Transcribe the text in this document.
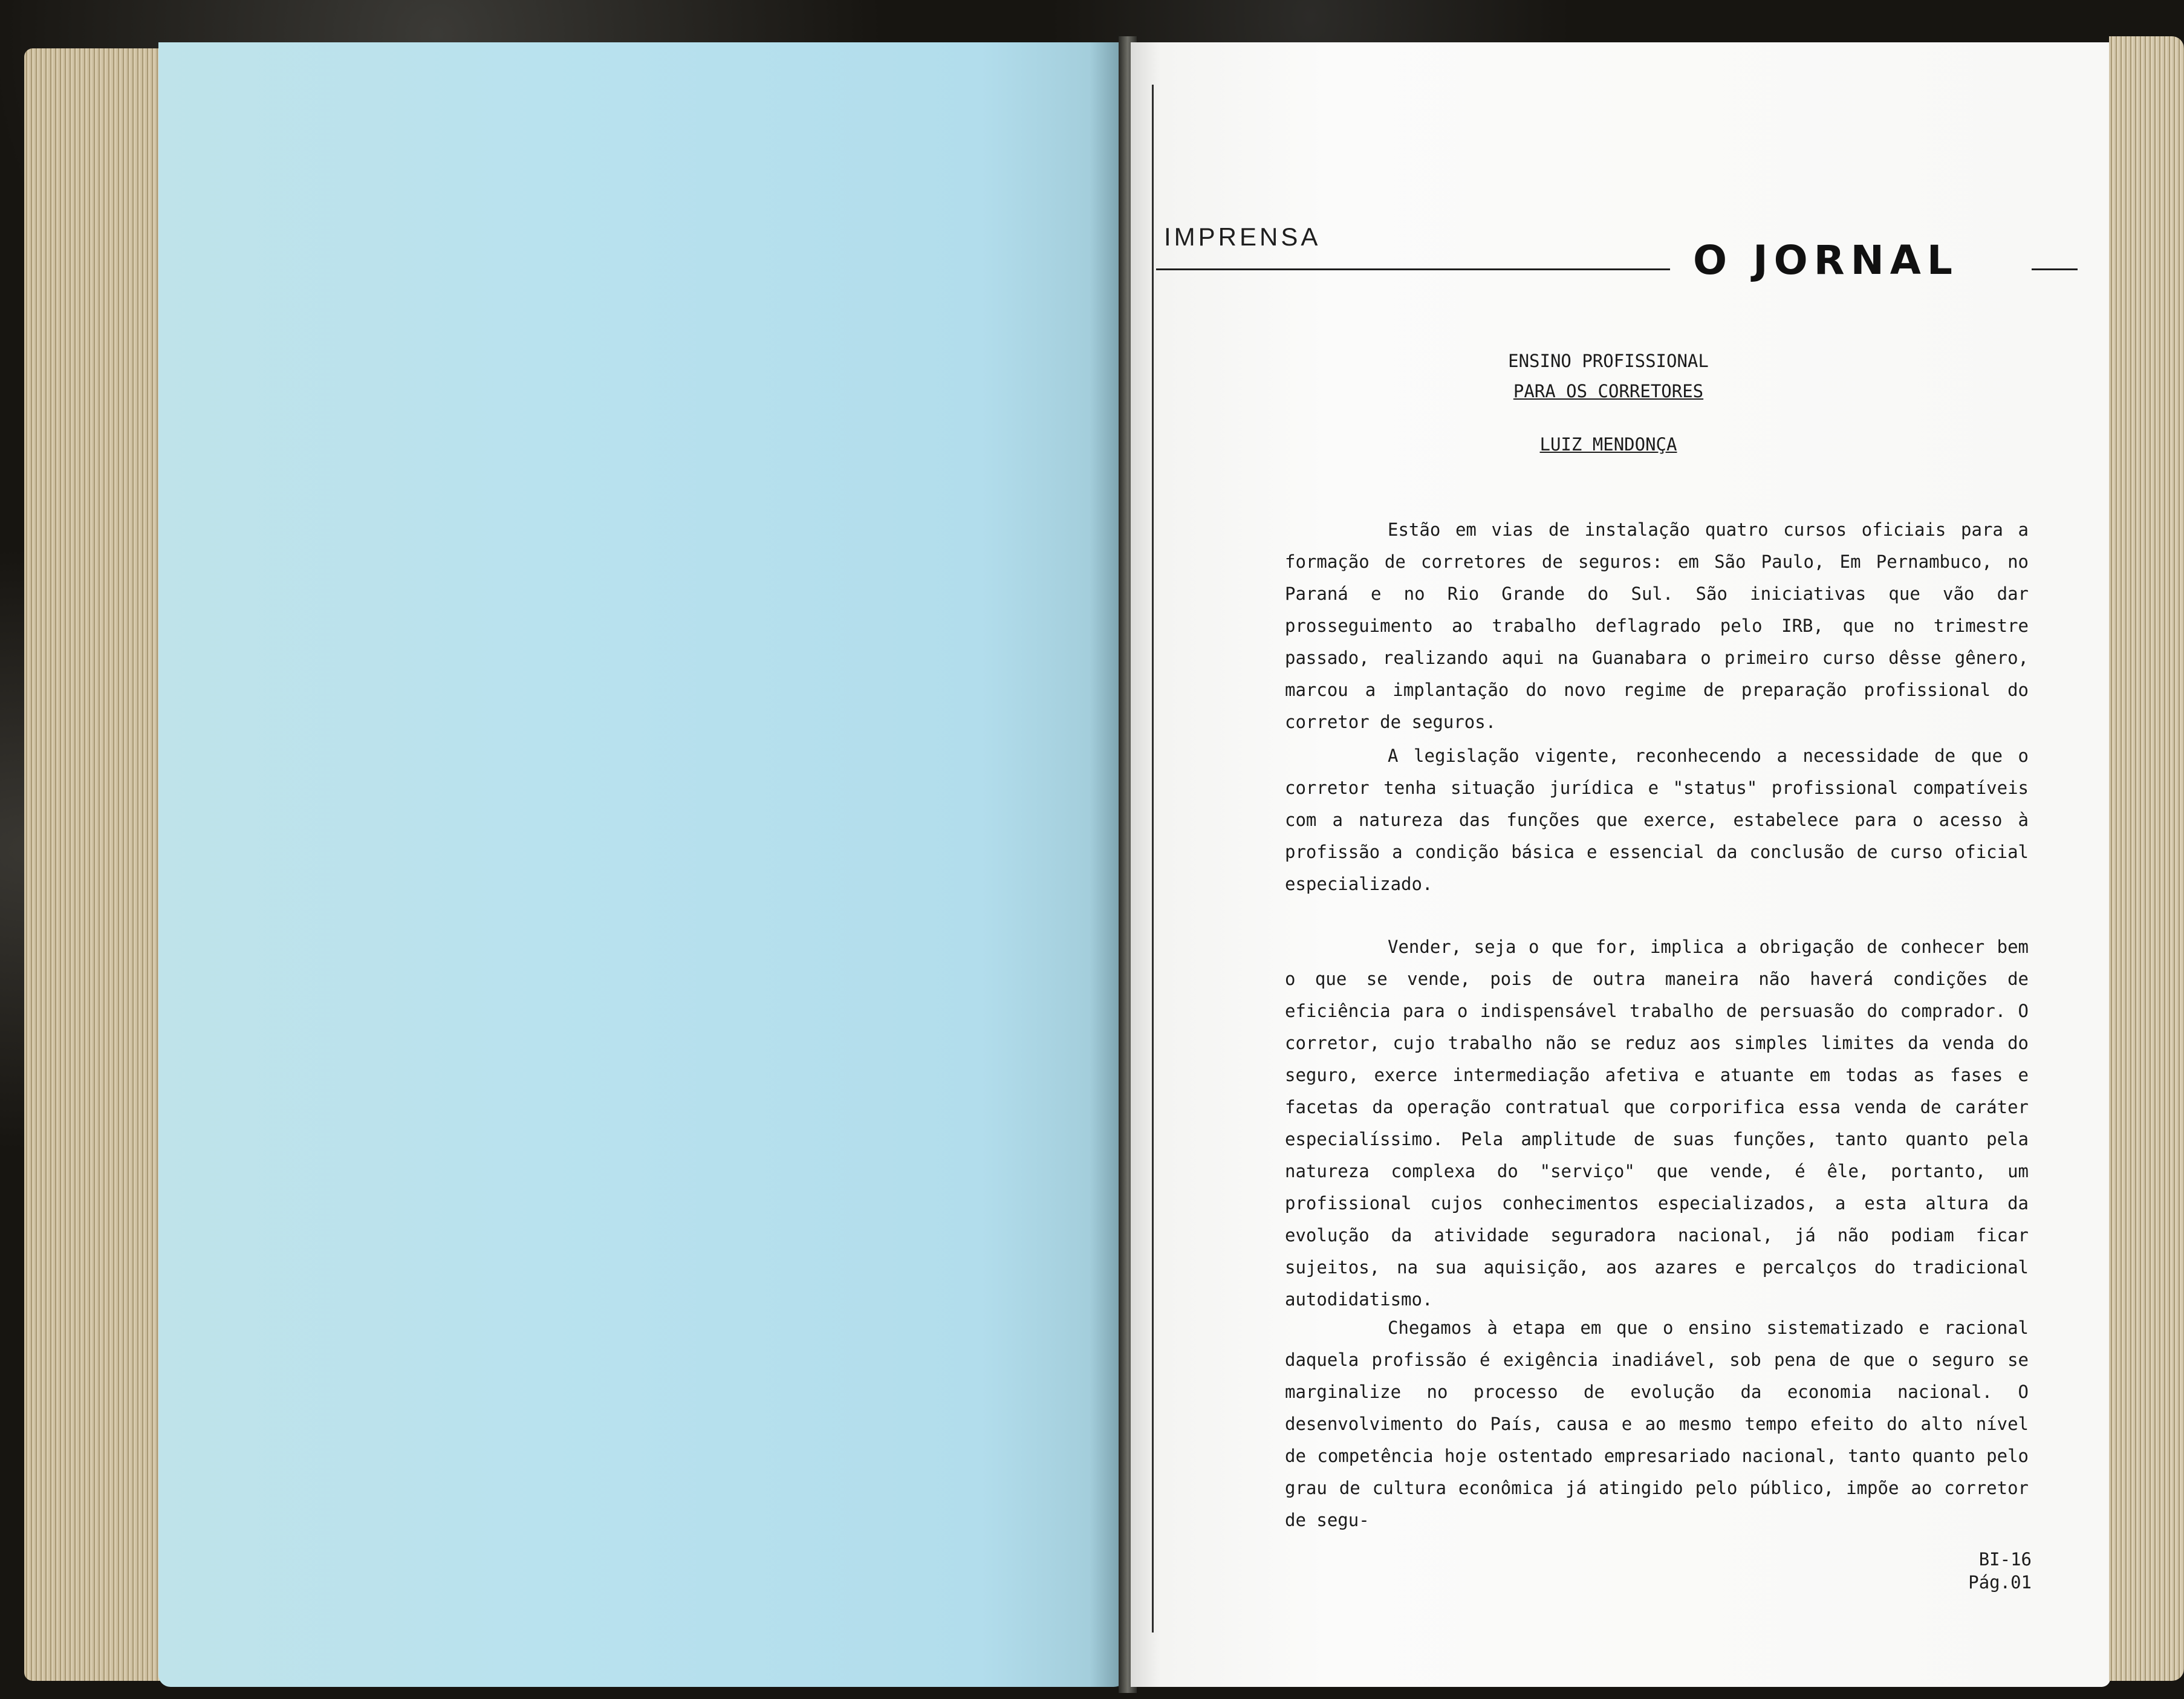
IMPRENSA
O JORNAL
ENSINO PROFISSIONAL
PARA OS CORRETORES
LUIZ MENDONÇA

Estão em vias de instalação quatro cursos oficiais para a formação de corretores de seguros: em São Paulo, Em Pernambuco, no Paraná e no Rio Grande do Sul. São iniciativas que vão dar prosseguimento ao trabalho deflagrado pelo IRB, que no trimestre passado, realizando aqui na Guanabara o primeiro curso dêsse gênero, marcou a implantação do novo regime de preparação profissional do corretor de seguros.

A legislação vigente, reconhecendo a necessidade de que o corretor tenha situação jurídica e "status" profissional compatíveis com a natureza das funções que exerce, estabelece para o acesso à profissão a condição básica e essencial da conclusão de curso oficial especializado.

Vender, seja o que for, implica a obrigação de conhecer bem o que se vende, pois de outra maneira não haverá condições de eficiência para o indispensável trabalho de persuasão do comprador. O corretor, cujo trabalho não se reduz aos simples limites da venda do seguro, exerce intermediação afetiva e atuante em todas as fases e facetas da operação contratual que corporifica essa venda de caráter especialíssimo. Pela amplitude de suas funções, tanto quanto pela natureza complexa do "serviço" que vende, é êle, portanto, um profissional cujos conhecimentos especializados, a esta altura da evolução da atividade seguradora nacional, já não podiam ficar sujeitos, na sua aquisição, aos azares e percalços do tradicional autodidatismo.

Chegamos à etapa em que o ensino sistematizado e racional daquela profissão é exigência inadiável, sob pena de que o seguro se marginalize no processo de evolução da economia nacional. O desenvolvimento do País, causa e ao mesmo tempo efeito do alto nível de competência hoje ostentado empresariado nacional, tanto quanto pelo grau de cultura econômica já atingido pelo público, impõe ao corretor de segu-

BI-16
Pág.01
